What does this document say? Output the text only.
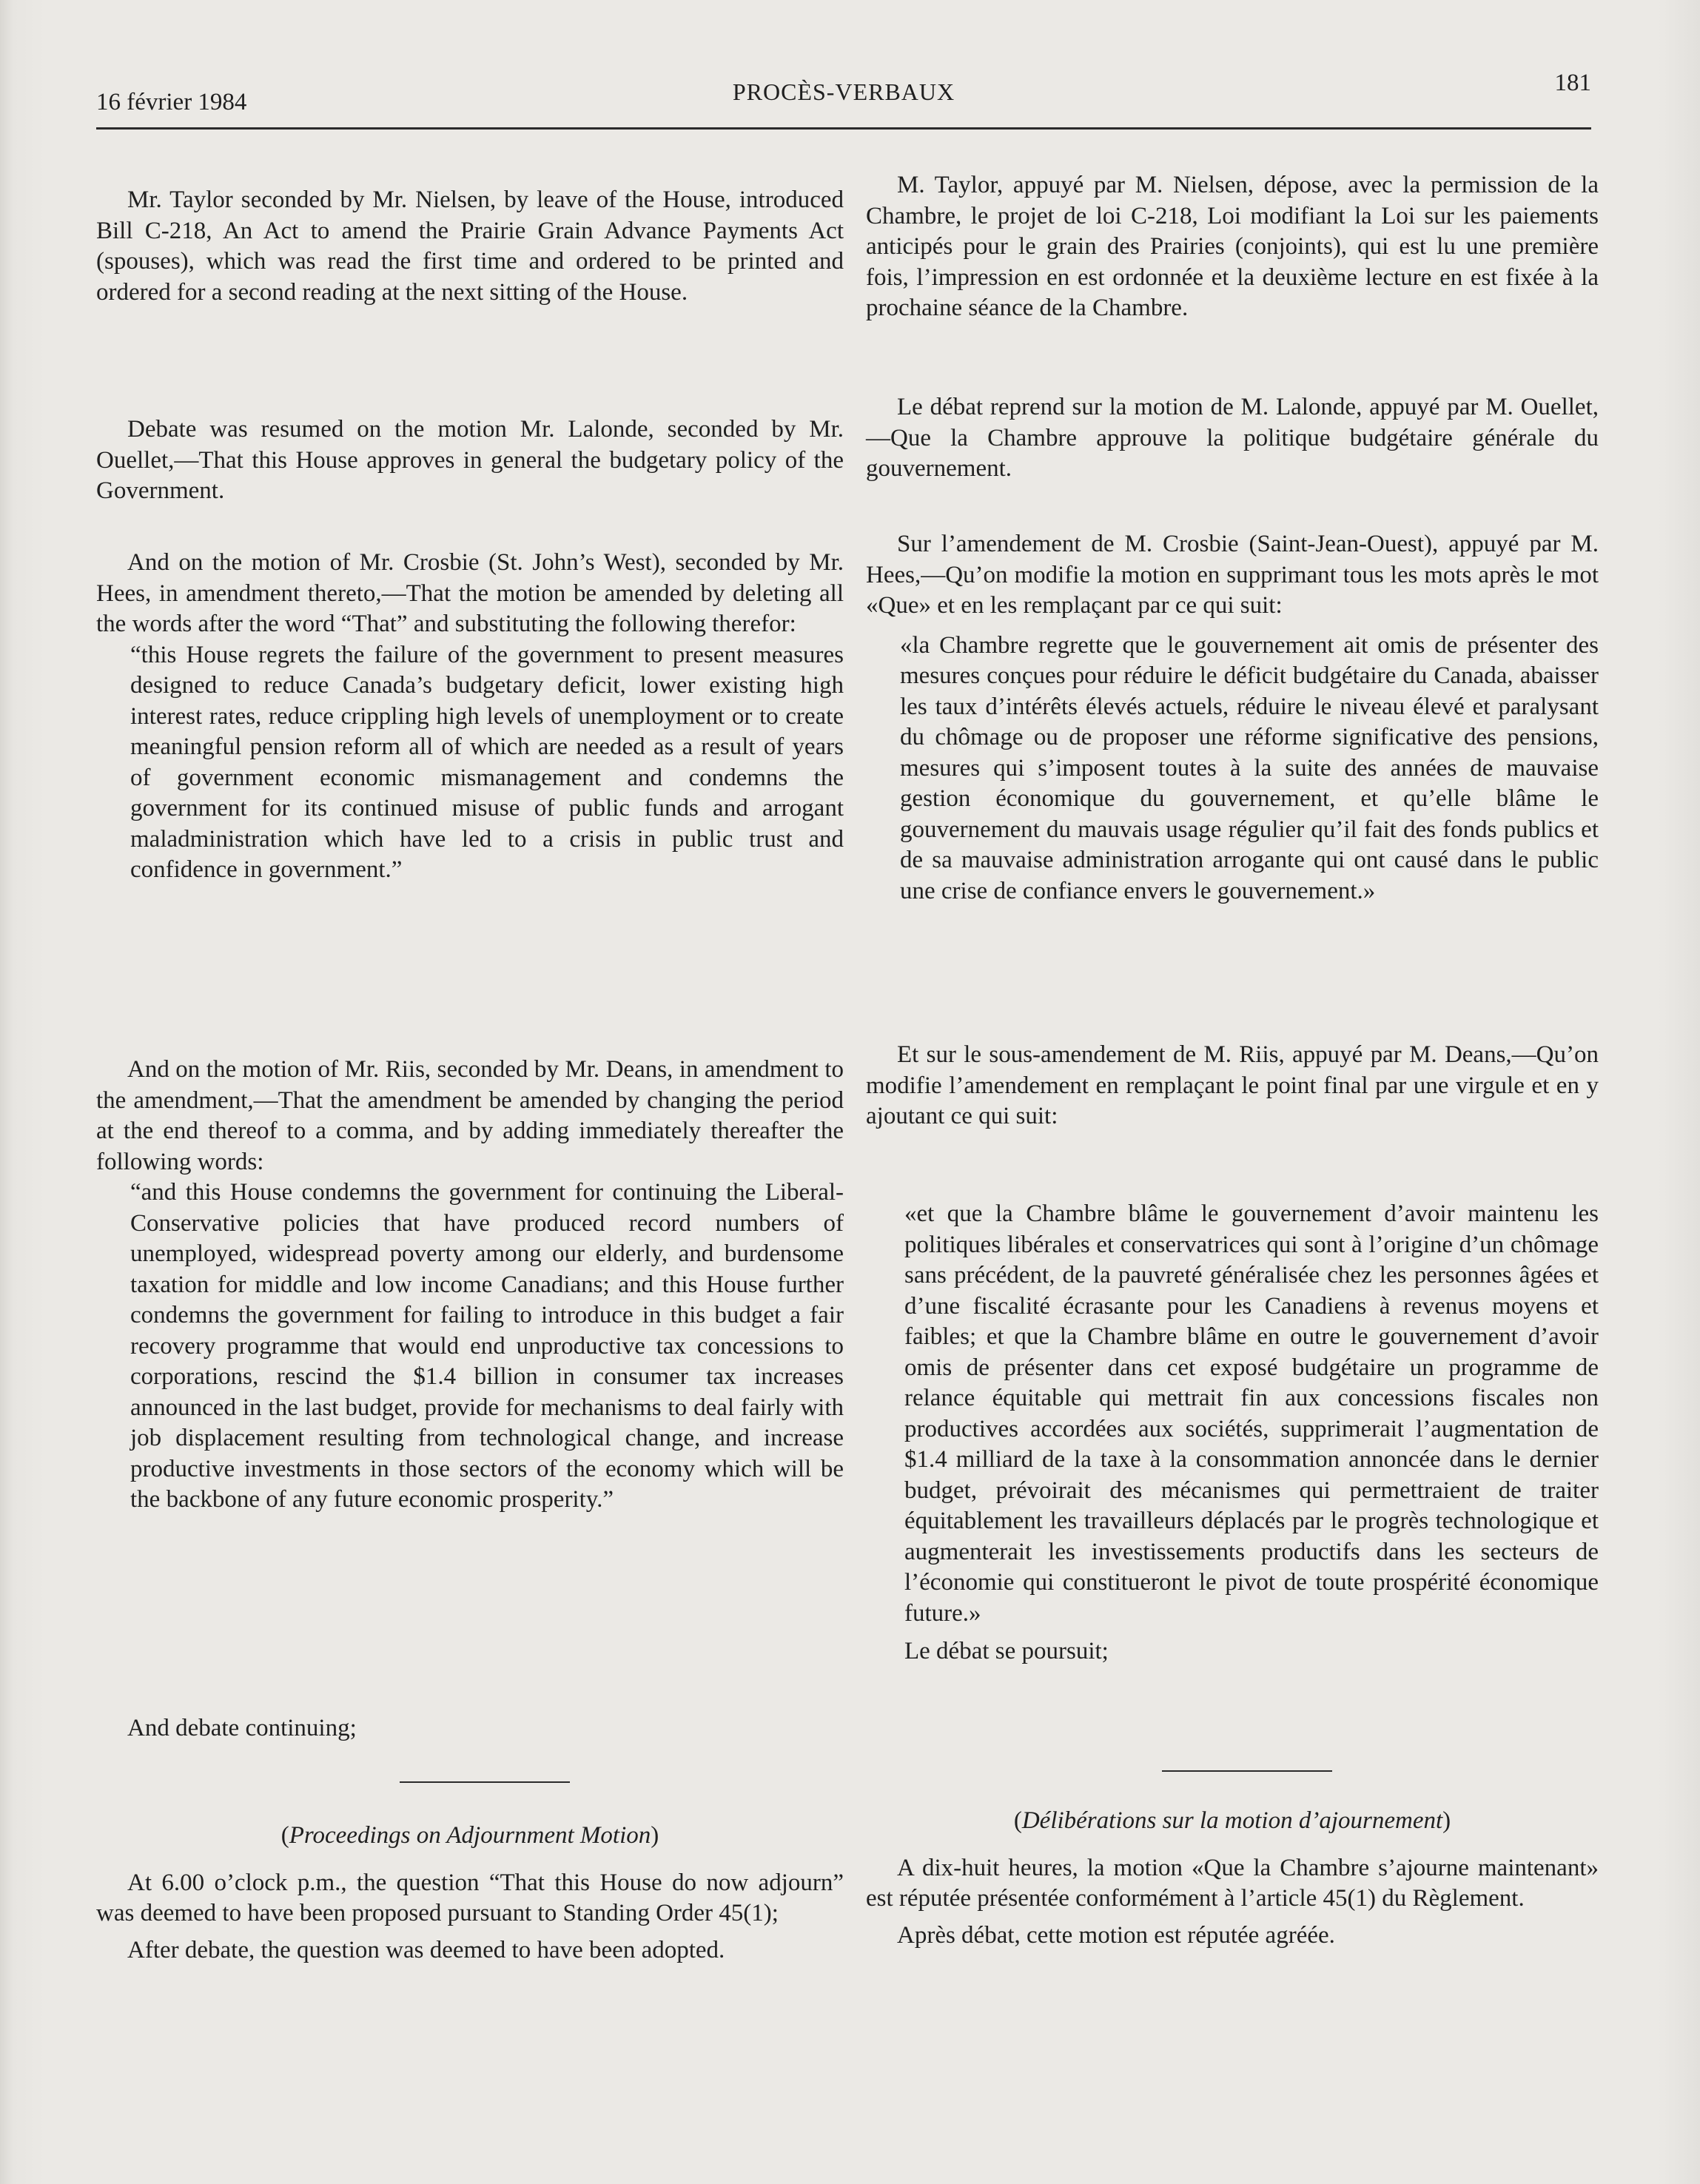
16 février 1984	PROCÈS-VERBAUX	181

Mr. Taylor seconded by Mr. Nielsen, by leave of the House, introduced Bill C-218, An Act to amend the Prairie Grain Advance Payments Act (spouses), which was read the first time and ordered to be printed and ordered for a second reading at the next sitting of the House.

Debate was resumed on the motion Mr. Lalonde, seconded by Mr. Ouellet,—That this House approves in general the budgetary policy of the Government.

And on the motion of Mr. Crosbie (St. John’s West), seconded by Mr. Hees, in amendment thereto,—That the motion be amended by deleting all the words after the word “That” and substituting the following therefor:

“this House regrets the failure of the government to present measures designed to reduce Canada’s budgetary deficit, lower existing high interest rates, reduce crippling high levels of unemployment or to create meaningful pension reform all of which are needed as a result of years of government economic mismanagement and condemns the government for its continued misuse of public funds and arrogant maladministration which have led to a crisis in public trust and confidence in government.”

And on the motion of Mr. Riis, seconded by Mr. Deans, in amendment to the amendment,—That the amendment be amended by changing the period at the end thereof to a comma, and by adding immediately thereafter the following words:

“and this House condemns the government for continuing the Liberal-Conservative policies that have produced record numbers of unemployed, widespread poverty among our elderly, and burdensome taxation for middle and low income Canadians; and this House further condemns the government for failing to introduce in this budget a fair recovery programme that would end unproductive tax concessions to corporations, rescind the $1.4 billion in consumer tax increases announced in the last budget, provide for mechanisms to deal fairly with job displacement resulting from technological change, and increase productive investments in those sectors of the economy which will be the backbone of any future economic prosperity.”

And debate continuing;

(Proceedings on Adjournment Motion)

At 6.00 o’clock p.m., the question “That this House do now adjourn” was deemed to have been proposed pursuant to Standing Order 45(1);

After debate, the question was deemed to have been adopted.

M. Taylor, appuyé par M. Nielsen, dépose, avec la permission de la Chambre, le projet de loi C-218, Loi modifiant la Loi sur les paiements anticipés pour le grain des Prairies (conjoints), qui est lu une première fois, l’impression en est ordonnée et la deuxième lecture en est fixée à la prochaine séance de la Chambre.

Le débat reprend sur la motion de M. Lalonde, appuyé par M. Ouellet,—Que la Chambre approuve la politique budgétaire générale du gouvernement.

Sur l’amendement de M. Crosbie (Saint-Jean-Ouest), appuyé par M. Hees,—Qu’on modifie la motion en supprimant tous les mots après le mot «Que» et en les remplaçant par ce qui suit:

«la Chambre regrette que le gouvernement ait omis de présenter des mesures conçues pour réduire le déficit budgétaire du Canada, abaisser les taux d’intérêts élevés actuels, réduire le niveau élevé et paralysant du chômage ou de proposer une réforme significative des pensions, mesures qui s’imposent toutes à la suite des années de mauvaise gestion économique du gouvernement, et qu’elle blâme le gouvernement du mauvais usage régulier qu’il fait des fonds publics et de sa mauvaise administration arrogante qui ont causé dans le public une crise de confiance envers le gouvernement.»

Et sur le sous-amendement de M. Riis, appuyé par M. Deans,—Qu’on modifie l’amendement en remplaçant le point final par une virgule et en y ajoutant ce qui suit:

«et que la Chambre blâme le gouvernement d’avoir maintenu les politiques libérales et conservatrices qui sont à l’origine d’un chômage sans précédent, de la pauvreté généralisée chez les personnes âgées et d’une fiscalité écrasante pour les Canadiens à revenus moyens et faibles; et que la Chambre blâme en outre le gouvernement d’avoir omis de présenter dans cet exposé budgétaire un programme de relance équitable qui mettrait fin aux concessions fiscales non productives accordées aux sociétés, supprimerait l’augmentation de $1.4 milliard de la taxe à la consommation annoncée dans le dernier budget, prévoirait des mécanismes qui permettraient de traiter équitablement les travailleurs déplacés par le progrès technologique et augmenterait les investissements productifs dans les secteurs de l’économie qui constitueront le pivot de toute prospérité économique future.»

Le débat se poursuit;

(Délibérations sur la motion d’ajournement)

A dix-huit heures, la motion «Que la Chambre s’ajourne maintenant» est réputée présentée conformément à l’article 45(1) du Règlement.

Après débat, cette motion est réputée agréée.
